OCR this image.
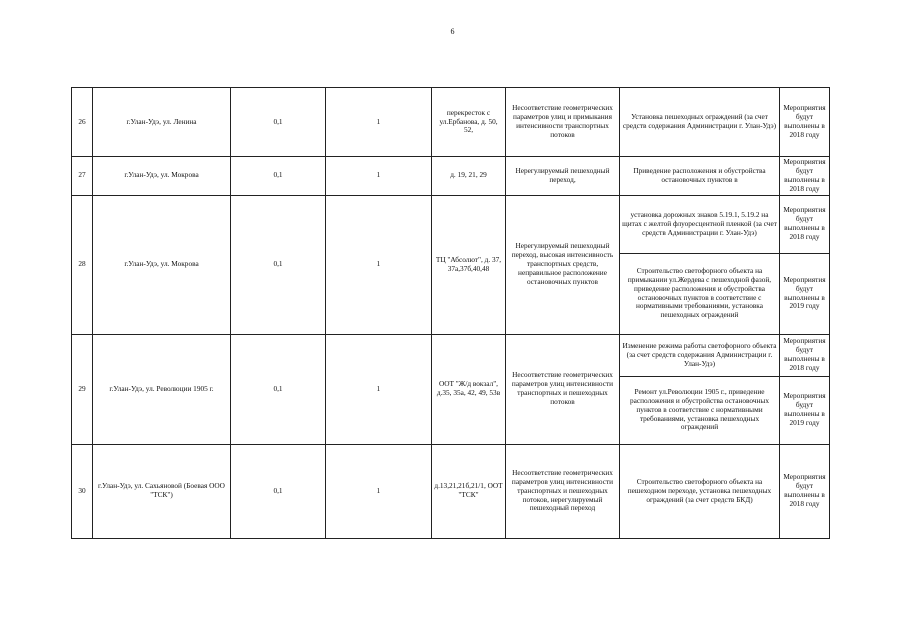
6
26	г.Улан-Удэ, ул. Ленина	0,1	1	перекресток с ул.Ербанова, д. 50, 52,	Несоответствие геометрических параметров улиц и примыкания интенсивности транспортных потоков	Установка пешеходных ограждений (за счет средств содержания Администрации г. Улан-Удэ)	Мероприятия будут выполнены в 2018 году
27	г.Улан-Удэ, ул. Мокрова	0,1	1	д. 19, 21, 29	Нерегулируемый пешеходный переход,	Приведение расположения и обустройства остановочных пунктов в	Мероприятия будут выполнены в 2018 году
28	г.Улан-Удэ, ул. Мокрова	0,1	1	ТЦ "Абсолют", д. 37, 37а,37б,40,48	Нерегулируемый пешеходный переход, высокая интенсивность транспортных средств, неправильное расположение остановочных пунктов	установка дорожных знаков 5.19.1, 5.19.2 на щитах с желтой флуоресцентной пленкой (за счет средств Администрации г. Улан-Удэ)	Мероприятия будут выполнены в 2018 году
						Строительство светофорного объекта на примыкании ул.Жердева с пешеходной фазой, приведение расположения и обустройства остановочных пунктов в соответствие с нормативными требованиями, установка пешеходных ограждений	Мероприятия будут выполнены в 2019 году
29	г.Улан-Удэ, ул. Революции 1905 г.	0,1	1	ООТ "Ж/д вокзал", д.35, 35а, 42, 49, 53в	Несоответствие геометрических параметров улиц интенсивности транспортных и пешеходных потоков	Изменение режима работы светофорного объекта (за счет средств содержания Администрации г. Улан-Удэ)	Мероприятия будут выполнены в 2018 году
						Ремонт ул.Революции 1905 г., приведение расположения и обустройства остановочных пунктов в соответствие с нормативными требованиями, установка пешеходных ограждений	Мероприятия будут выполнены в 2019 году
30	г.Улан-Удэ, ул. Сахьяновой (Боевая ООО "ТСК")	0,1	1	д.13,21,21б,21/1, ООТ "ТСК"	Несоответствие геометрических параметров улиц интенсивности транспортных и пешеходных потоков, нерегулируемый пешеходный переход	Строительство светофорного объекта на пешеходном переходе, установка пешеходных ограждений (за счет средств БКД)	Мероприятия будут выполнены в 2018 году
